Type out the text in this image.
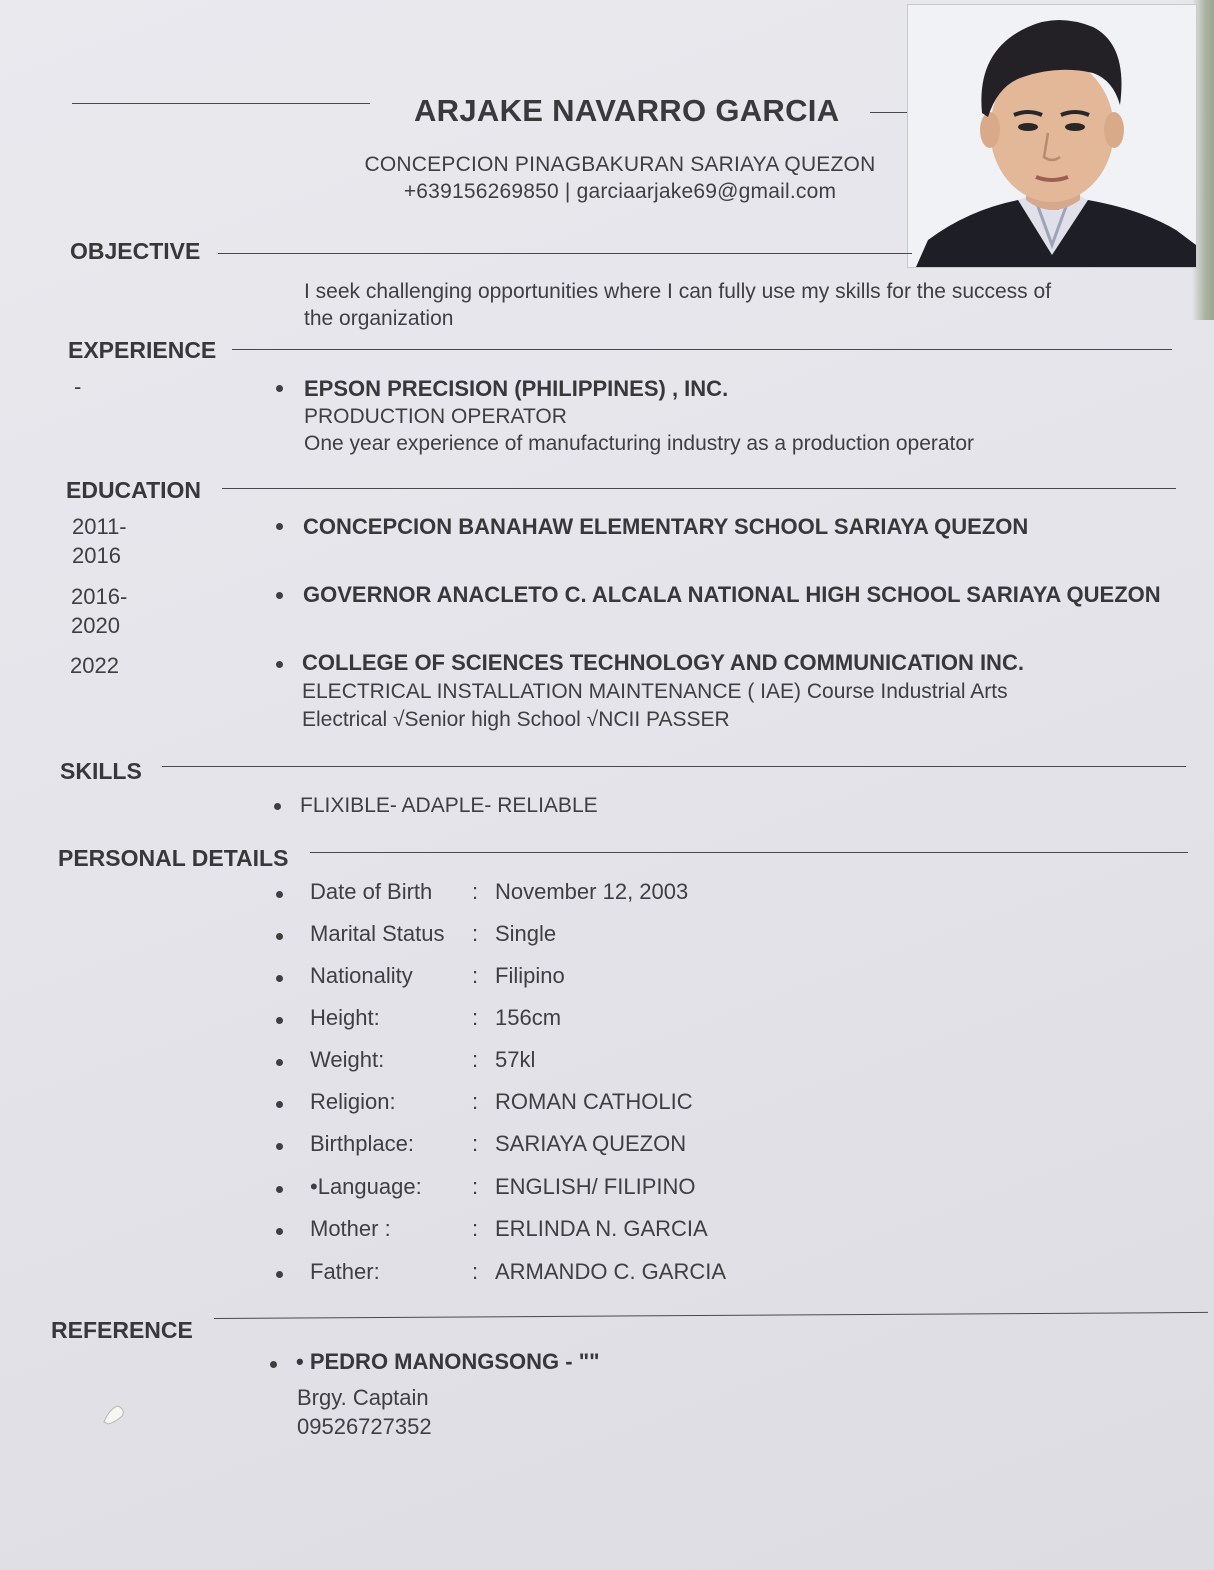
ARJAKE NAVARRO GARCIA
CONCEPCION PINAGBAKURAN SARIAYA QUEZON
+639156269850 | garciaarjake69@gmail.com
OBJECTIVE
I seek challenging opportunities where I can fully use my skills for the success of
the organization
EXPERIENCE
-	EPSON PRECISION (PHILIPPINES) , INC.
PRODUCTION OPERATOR
One year experience of manufacturing industry as a production operator
EDUCATION
2011-
2016
CONCEPCION BANAHAW ELEMENTARY SCHOOL SARIAYA QUEZON
2016-
2020
GOVERNOR ANACLETO C. ALCALA NATIONAL HIGH SCHOOL SARIAYA QUEZON
2022	COLLEGE OF SCIENCES TECHNOLOGY AND COMMUNICATION INC.
ELECTRICAL INSTALLATION MAINTENANCE ( IAE) Course Industrial Arts
Electrical √Senior high School √NCII PASSER
SKILLS
FLIXIBLE- ADAPLE- RELIABLE
PERSONAL DETAILS
Date of Birth : November 12, 2003
Marital Status : Single
Nationality	: Filipino
Height:	: 156cm
Weight:	: 57kl
Religion:	: ROMAN CATHOLIC
Birthplace:	: SARIAYA QUEZON
•Language: : ENGLISH/ FILIPINO
Mother :	: ERLINDA N. GARCIA
Father:	: ARMANDO C. GARCIA
REFERENCE
• PEDRO MANONGSONG - ""
Brgy. Captain
09526727352
